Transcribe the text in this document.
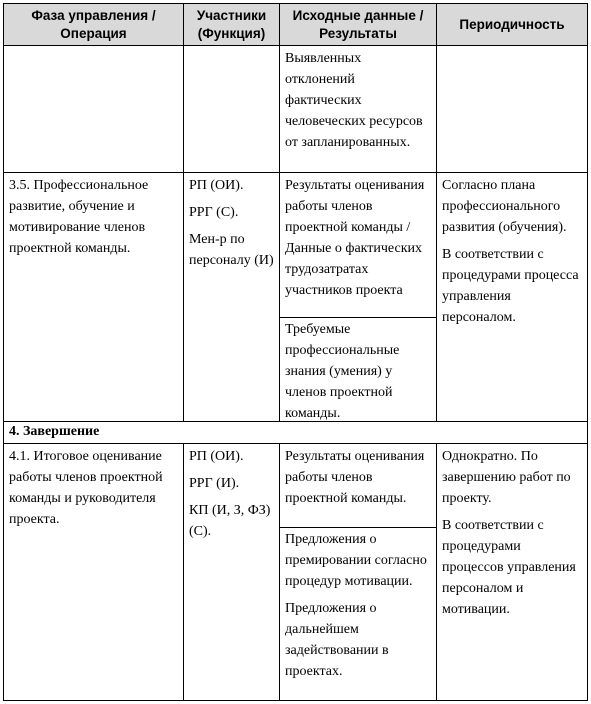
Фаза управления / Операция
Участники (Функция)
Исходные данные / Результаты
Периодичность

Выявленных отклонений фактических человеческих ресурсов от запланированных.

3.5. Профессиональное развитие, обучение и мотивирование членов проектной команды.

РП (ОИ).

РРГ (С).

Мен-р по персоналу (И)

Результаты оценивания работы членов проектной команды / Данные о фактических трудозатратах участников проекта

Требуемые профессиональные знания (умения) у членов проектной команды.

Согласно плана профессионального развития (обучения).

В соответствии с процедурами процесса управления персоналом.

4. Завершение

4.1. Итоговое оценивание работы членов проектной команды и руководителя проекта.

РП (ОИ).

РРГ (И).

КП (И, З, ФЗ) (С).

Результаты оценивания работы членов проектной команды.

Предложения о премировании согласно процедур мотивации.

Предложения о дальнейшем задействовании в проектах.

Однократно. По завершению работ по проекту.

В соответствии с процедурами процессов управления персоналом и мотивации.
